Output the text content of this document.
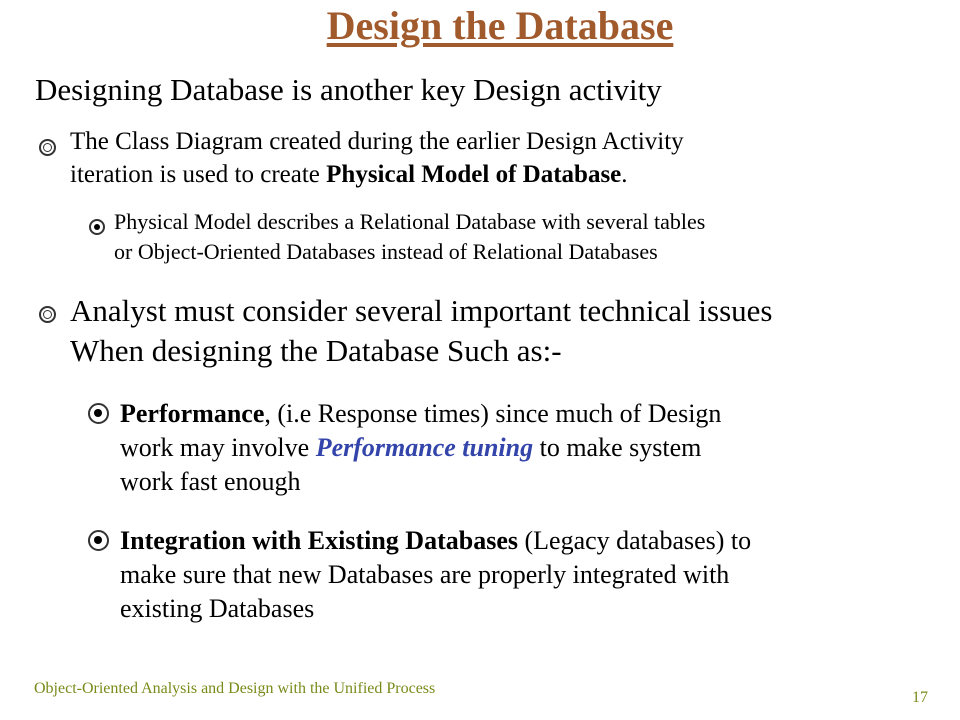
Design the Database
Designing Database is another key Design activity
The Class Diagram created during the earlier Design Activity
iteration is used to create Physical Model of Database.
Physical Model describes a Relational Database with several tables
or Object-Oriented Databases instead of Relational Databases
Analyst must consider several important technical issues
When designing the Database Such as:-
Performance, (i.e Response times) since much of Design
work may involve Performance tuning to make system
work fast enough
Integration with Existing Databases (Legacy databases) to
make sure that new Databases are properly integrated with
existing Databases
Object-Oriented Analysis and Design with the Unified Process
17
